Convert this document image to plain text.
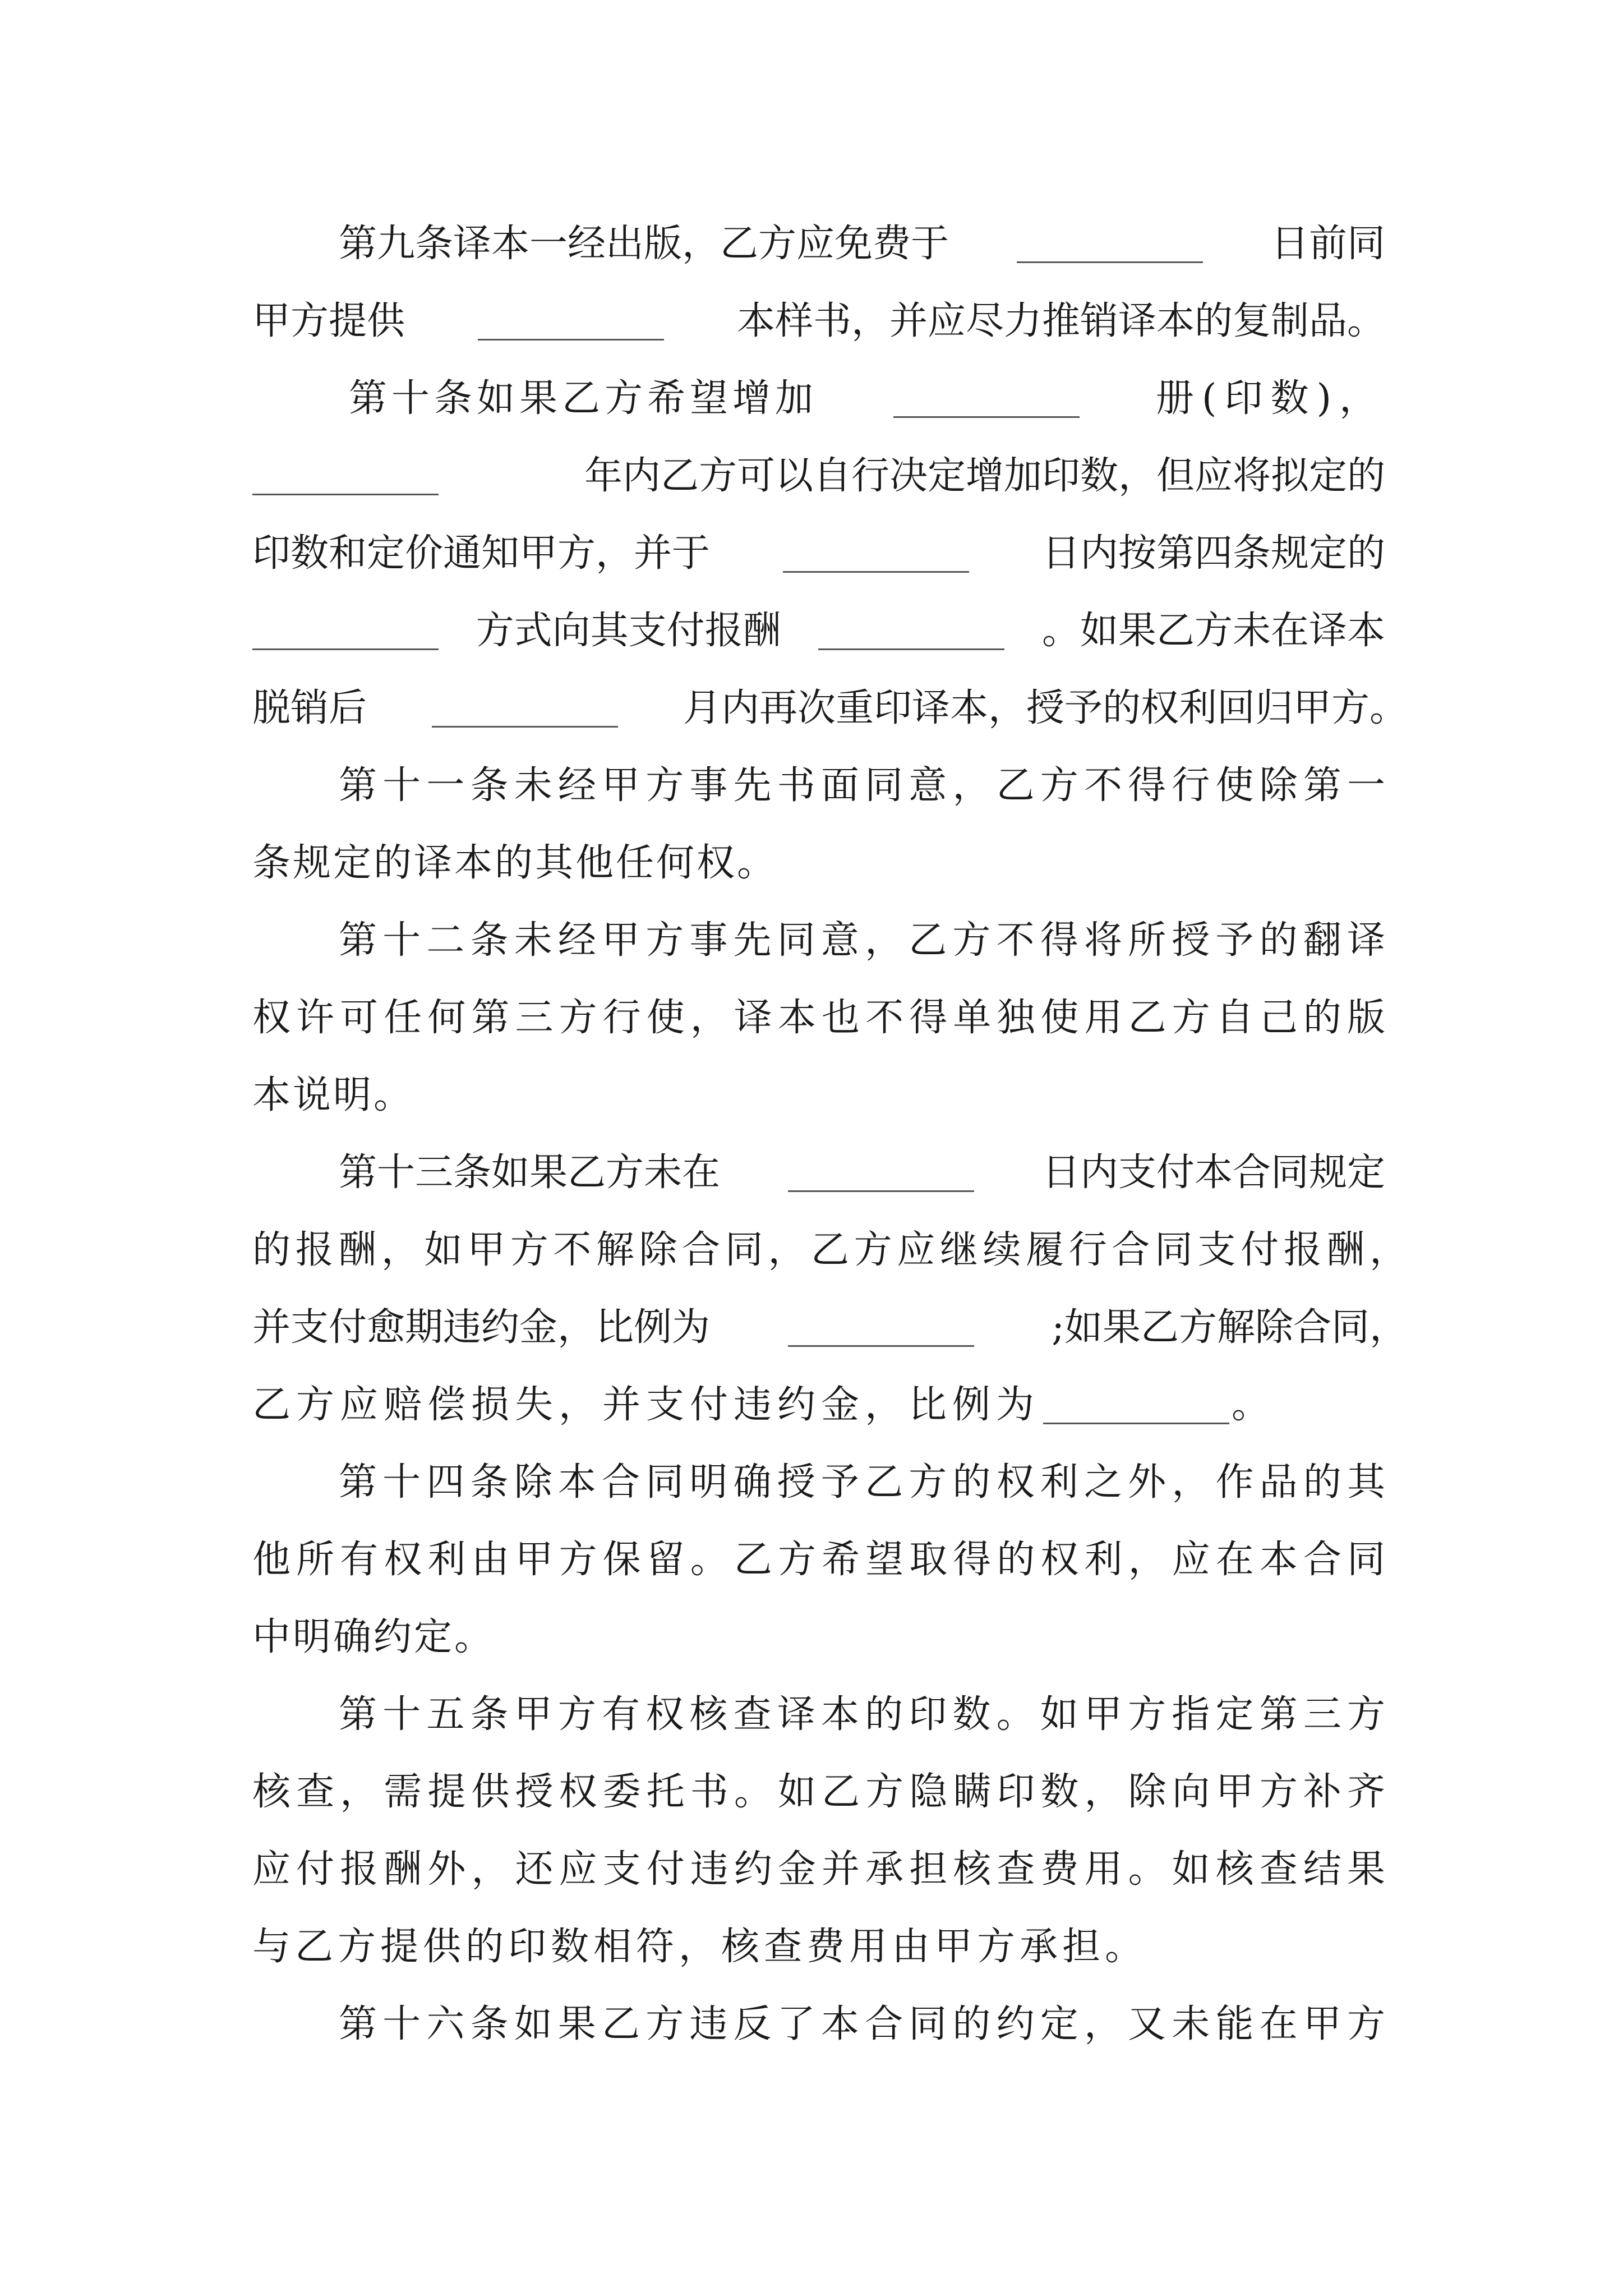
第九条译本一经出版，乙方应免费于	日前同
甲方提供	本样书，并应尽力推销译本的复制品。
第十条如果乙方希望增加	册(印数)，
年内乙方可以自行决定增加印数，但应将拟定的
印数和定价通知甲方，并于	日内按第四条规定的
方式向其支付报酬	。如果乙方未在译本
脱销后	月内再次重印译本，授予的权利回归甲方。
第十一条未经甲方事先书面同意，乙方不得行使除第一
条规定的译本的其他任何权。
第十二条未经甲方事先同意，乙方不得将所授予的翻译
权许可任何第三方行使，译本也不得单独使用乙方自己的版
本说明。
第十三条如果乙方未在	日内支付本合同规定
的报酬，如甲方不解除合同，乙方应继续履行合同支付报酬，
并支付愈期违约金，比例为	;如果乙方解除合同，
乙方应赔偿损失，并支付违约金，比例为	。
第十四条除本合同明确授予乙方的权利之外，作品的其
他所有权利由甲方保留。乙方希望取得的权利，应在本合同
中明确约定。
第十五条甲方有权核查译本的印数。如甲方指定第三方
核查，需提供授权委托书。如乙方隐瞒印数，除向甲方补齐
应付报酬外，还应支付违约金并承担核查费用。如核查结果
与乙方提供的印数相符，核查费用由甲方承担。
第十六条如果乙方违反了本合同的约定，又未能在甲方
